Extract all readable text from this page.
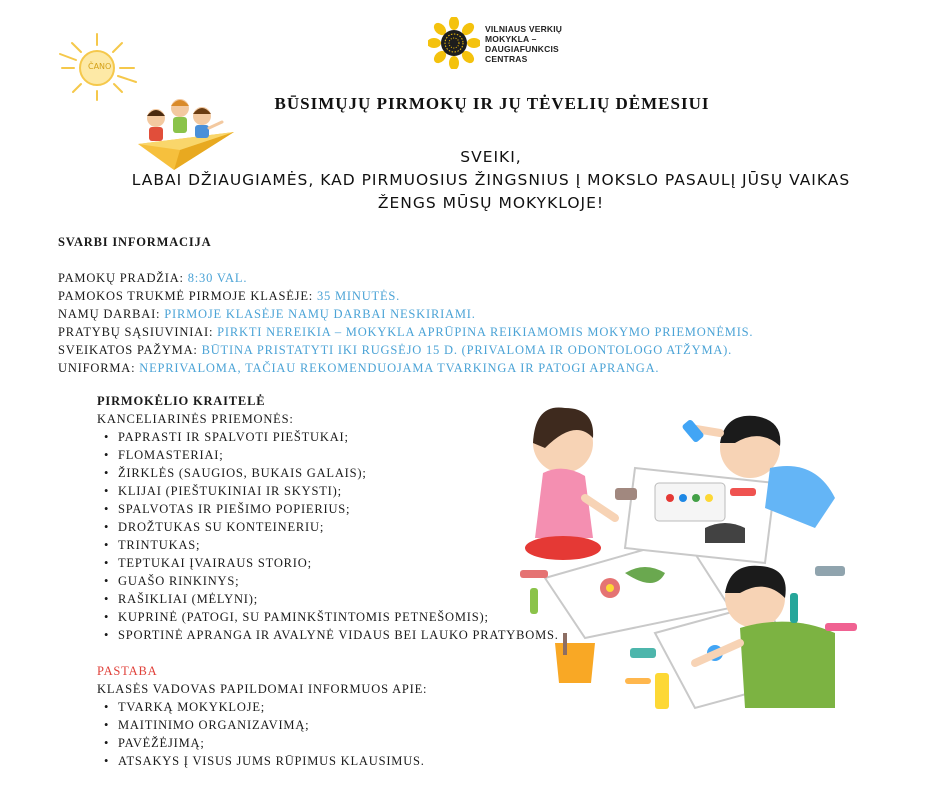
ČANO
VILNIAUS VERKIŲ
MOKYKLA –
DAUGIAFUNKCIS
CENTRAS
BŪSIMŲJŲ PIRMOKŲ IR JŲ TĖVELIŲ DĖMESIUI
SVEIKI,
LABAI DŽIAUGIAMĖS, KAD PIRMUOSIUS ŽINGSNIUS Į MOKSLO PASAULĮ JŪSŲ VAIKAS
ŽENGS MŪSŲ MOKYKLOJE!
SVARBI INFORMACIJA
PAMOKŲ PRADŽIA: 8:30 VAL.
PAMOKOS TRUKMĖ PIRMOJE KLASĖJE: 35 MINUTĖS.
NAMŲ DARBAI: PIRMOJE KLASĖJE NAMŲ DARBAI NESKIRIAMI.
PRATYBŲ SĄSIUVINIAI: PIRKTI NEREIKIA – MOKYKLA APRŪPINA REIKIAMOMIS MOKYMO PRIEMONĖMIS.
SVEIKATOS PAŽYMA: BŪTINA PRISTATYTI IKI RUGSĖJO 15 D. (PRIVALOMA IR ODONTOLOGO ATŽYMA).
UNIFORMA: NEPRIVALOMA, TAČIAU REKOMENDUOJAMA TVARKINGA IR PATOGI APRANGA.
PIRMOKĖLIO KRAITELĖ
KANCELIARINĖS PRIEMONĖS:
• PAPRASTI IR SPALVOTI PIEŠTUKAI;
• FLOMASTERIAI;
• ŽIRKLĖS (SAUGIOS, BUKAIS GALAIS);
• KLIJAI (PIEŠTUKINIAI IR SKYSTI);
• SPALVOTAS IR PIEŠIMO POPIERIUS;
• DROŽTUKAS SU KONTEINERIU;
• TRINTUKAS;
• TEPTUKAI ĮVAIRAUS STORIO;
• GUAŠO RINKINYS;
• RAŠIKLIAI (MĖLYNI);
• KUPRINĖ (PATOGI, SU PAMINKŠTINTOMIS PETNEŠOMIS);
• SPORTINĖ APRANGA IR AVALYNĖ VIDAUS BEI LAUKO PRATYBOMS.
PASTABA
KLASĖS VADOVAS PAPILDOMAI INFORMUOS APIE:
• TVARKĄ MOKYKLOJE;
• MAITINIMO ORGANIZAVIMĄ;
• PAVĖŽĖJIMĄ;
• ATSAKYS Į VISUS JUMS RŪPIMUS KLAUSIMUS.
